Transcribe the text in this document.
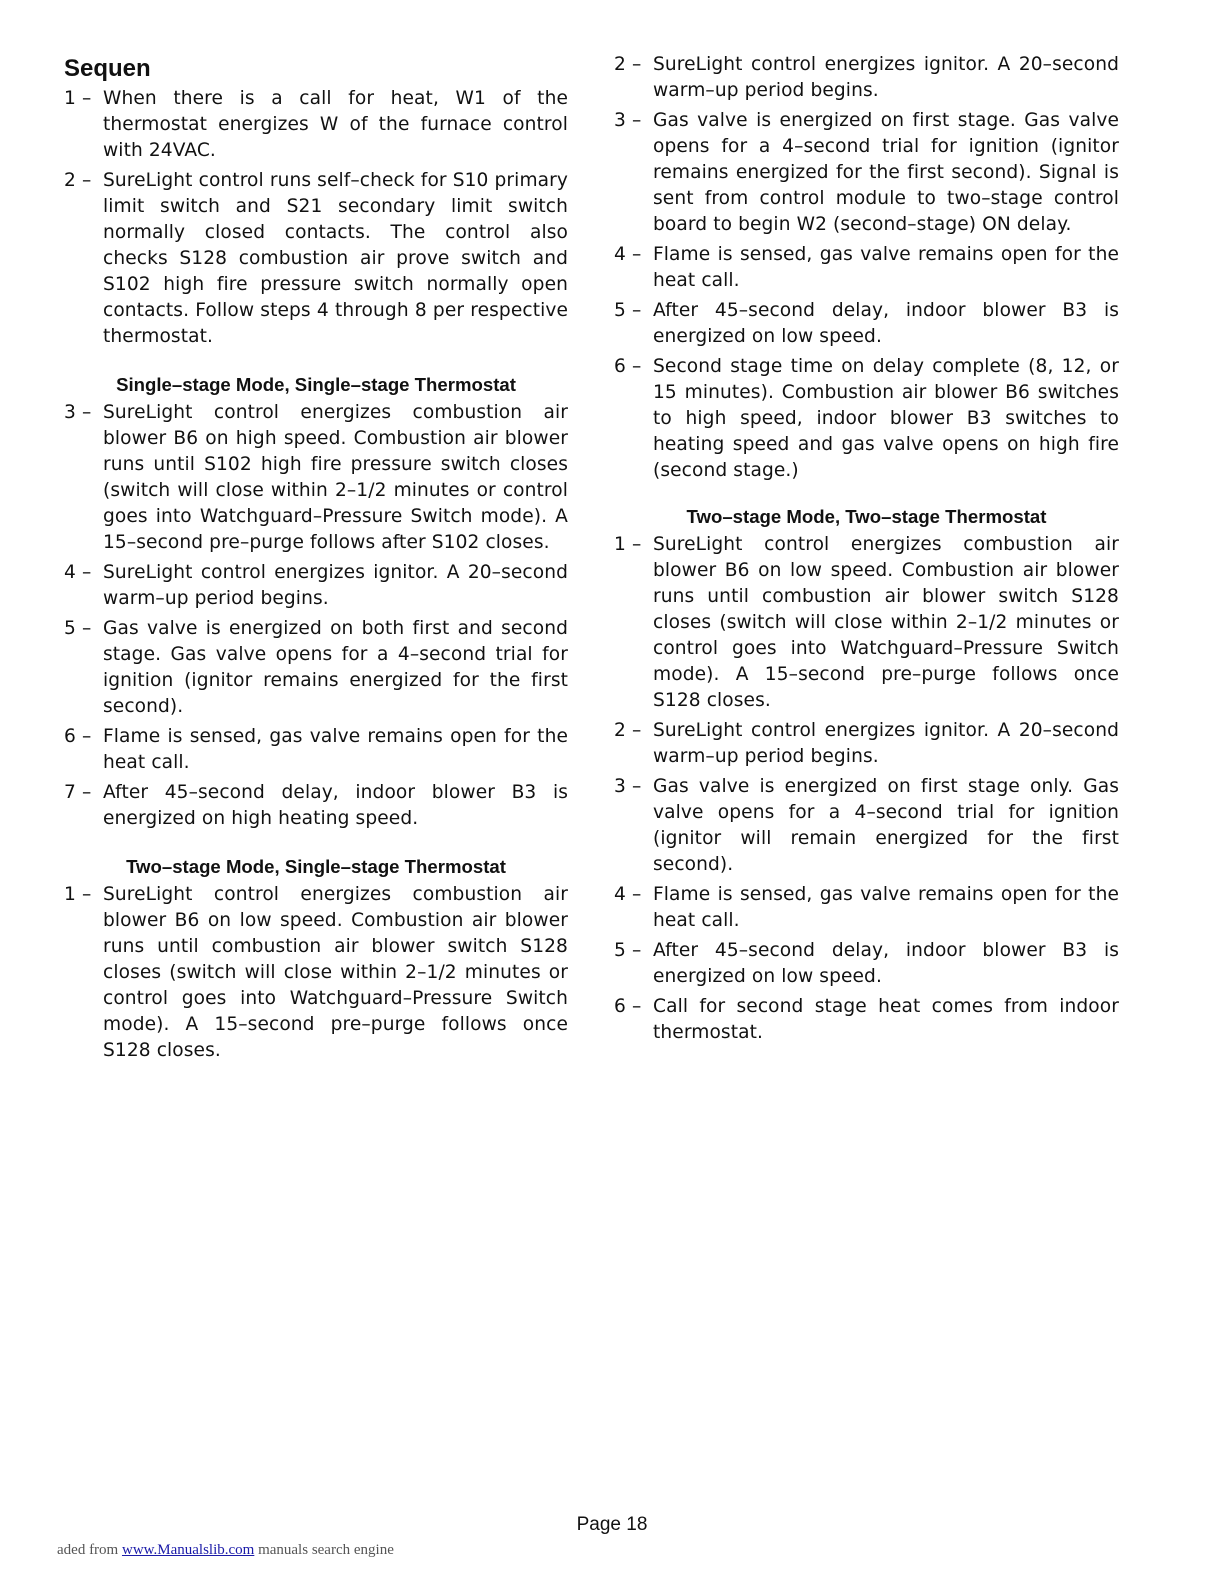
Sequen
1 – When there is a call for heat, W1 of the thermostat energizes W of the furnace control with 24VAC.
2 – SureLight control runs self–check for S10 primary limit switch and S21 secondary limit switch normally closed contacts. The control also checks S128 combustion air prove switch and S102 high fire pressure switch normally open contacts. Follow steps 4 through 8 per respective thermostat.
Single–stage Mode, Single–stage Thermostat
3 – SureLight control energizes combustion air blower B6 on high speed. Combustion air blower runs until S102 high fire pressure switch closes (switch will close within 2–1/2 minutes or control goes into Watchguard–Pressure Switch mode). A 15–second pre–purge follows after S102 closes.
4 – SureLight control energizes ignitor. A 20–second warm–up period begins.
5 – Gas valve is energized on both first and second stage. Gas valve opens for a 4–second trial for ignition (ignitor remains energized for the first second).
6 – Flame is sensed, gas valve remains open for the heat call.
7 – After 45–second delay, indoor blower B3 is energized on high heating speed.
Two–stage Mode, Single–stage Thermostat
1 – SureLight control energizes combustion air blower B6 on low speed. Combustion air blower runs until combustion air blower switch S128 closes (switch will close within 2–1/2 minutes or control goes into Watchguard–Pressure Switch mode). A 15–second pre–purge follows once S128 closes.
2 – SureLight control energizes ignitor. A 20–second warm–up period begins.
3 – Gas valve is energized on first stage. Gas valve opens for a 4–second trial for ignition (ignitor remains energized for the first second). Signal is sent from control module to two–stage control board to begin W2 (second–stage) ON delay.
4 – Flame is sensed, gas valve remains open for the heat call.
5 – After 45–second delay, indoor blower B3 is energized on low speed.
6 – Second stage time on delay complete (8, 12, or 15 minutes). Combustion air blower B6 switches to high speed, indoor blower B3 switches to heating speed and gas valve opens on high fire (second stage.)
Two–stage Mode, Two–stage Thermostat
1 – SureLight control energizes combustion air blower B6 on low speed. Combustion air blower runs until combustion air blower switch S128 closes (switch will close within 2–1/2 minutes or control goes into Watchguard–Pressure Switch mode). A 15–second pre–purge follows once S128 closes.
2 – SureLight control energizes ignitor. A 20–second warm–up period begins.
3 – Gas valve is energized on first stage only. Gas valve opens for a 4–second trial for ignition (ignitor will remain energized for the first second).
4 – Flame is sensed, gas valve remains open for the heat call.
5 – After 45–second delay, indoor blower B3 is energized on low speed.
6 – Call for second stage heat comes from indoor thermostat.
Page 18
aded from www.Manualslib.com manuals search engine
